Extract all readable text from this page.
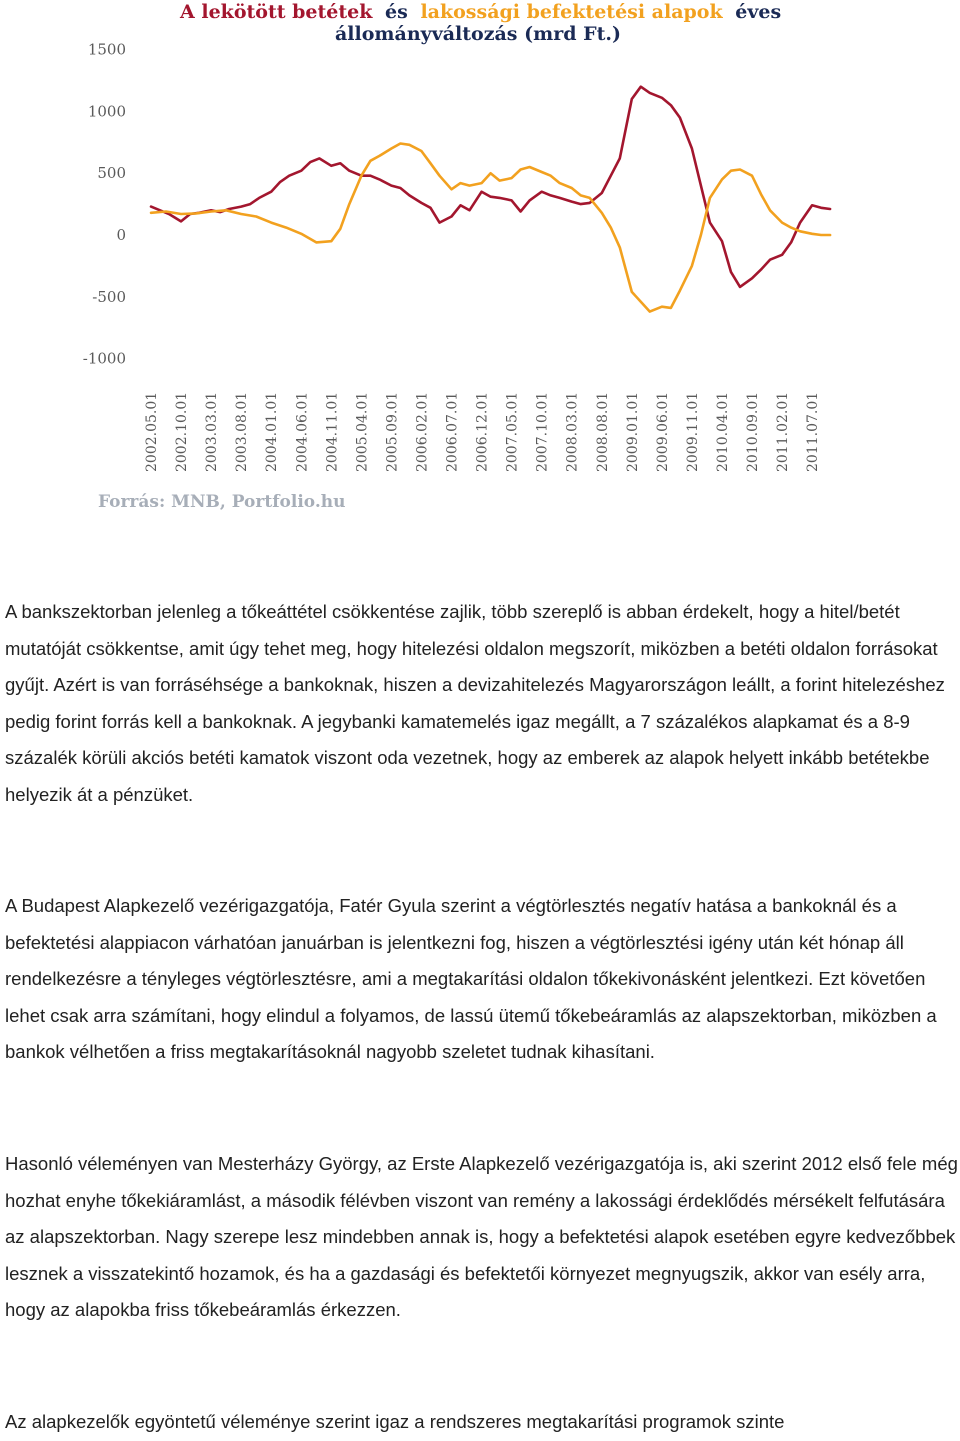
A lekötött betétek és lakossági befektetési alapok éves
állományváltozás (mrd Ft.)
1500
1000
500
0
-500
-1000
2002.05.01 2002.10.01 2003.03.01 2003.08.01 2004.01.01 2004.06.01 2004.11.01 2005.04.01 2005.09.01 2006.02.01 2006.07.01 2006.12.01 2007.05.01 2007.10.01 2008.03.01 2008.08.01 2009.01.01 2009.06.01 2009.11.01 2010.04.01 2010.09.01 2011.02.01 2011.07.01
Forrás: MNB, Portfolio.hu

A bankszektorban jelenleg a tőkeáttétel csökkentése zajlik, több szereplő is abban érdekelt, hogy a hitel/betét mutatóját csökkentse, amit úgy tehet meg, hogy hitelezési oldalon megszorít, miközben a betéti oldalon forrásokat gyűjt. Azért is van forráséhsége a bankoknak, hiszen a devizahitelezés Magyarországon leállt, a forint hitelezéshez pedig forint forrás kell a bankoknak. A jegybanki kamatemelés igaz megállt, a 7 százalékos alapkamat és a 8-9 százalék körüli akciós betéti kamatok viszont oda vezetnek, hogy az emberek az alapok helyett inkább betétekbe helyezik át a pénzüket.

A Budapest Alapkezelő vezérigazgatója, Fatér Gyula szerint a végtörlesztés negatív hatása a bankoknál és a befektetési alappiacon várhatóan januárban is jelentkezni fog, hiszen a végtörlesztési igény után két hónap áll rendelkezésre a tényleges végtörlesztésre, ami a megtakarítási oldalon tőkekivonásként jelentkezi. Ezt követően lehet csak arra számítani, hogy elindul a folyamos, de lassú ütemű tőkebeáramlás az alapszektorban, miközben a bankok vélhetően a friss megtakarításoknál nagyobb szeletet tudnak kihasítani.

Hasonló véleményen van Mesterházy György, az Erste Alapkezelő vezérigazgatója is, aki szerint 2012 első fele még hozhat enyhe tőkekiáramlást, a második félévben viszont van remény a lakossági érdeklődés mérsékelt felfutására az alapszektorban. Nagy szerepe lesz mindebben annak is, hogy a befektetési alapok esetében egyre kedvezőbbek lesznek a visszatekintő hozamok, és ha a gazdasági és befektetői környezet megnyugszik, akkor van esély arra, hogy az alapokba friss tőkebeáramlás érkezzen.

Az alapkezelők egyöntetű véleménye szerint igaz a rendszeres megtakarítási programok szinte
